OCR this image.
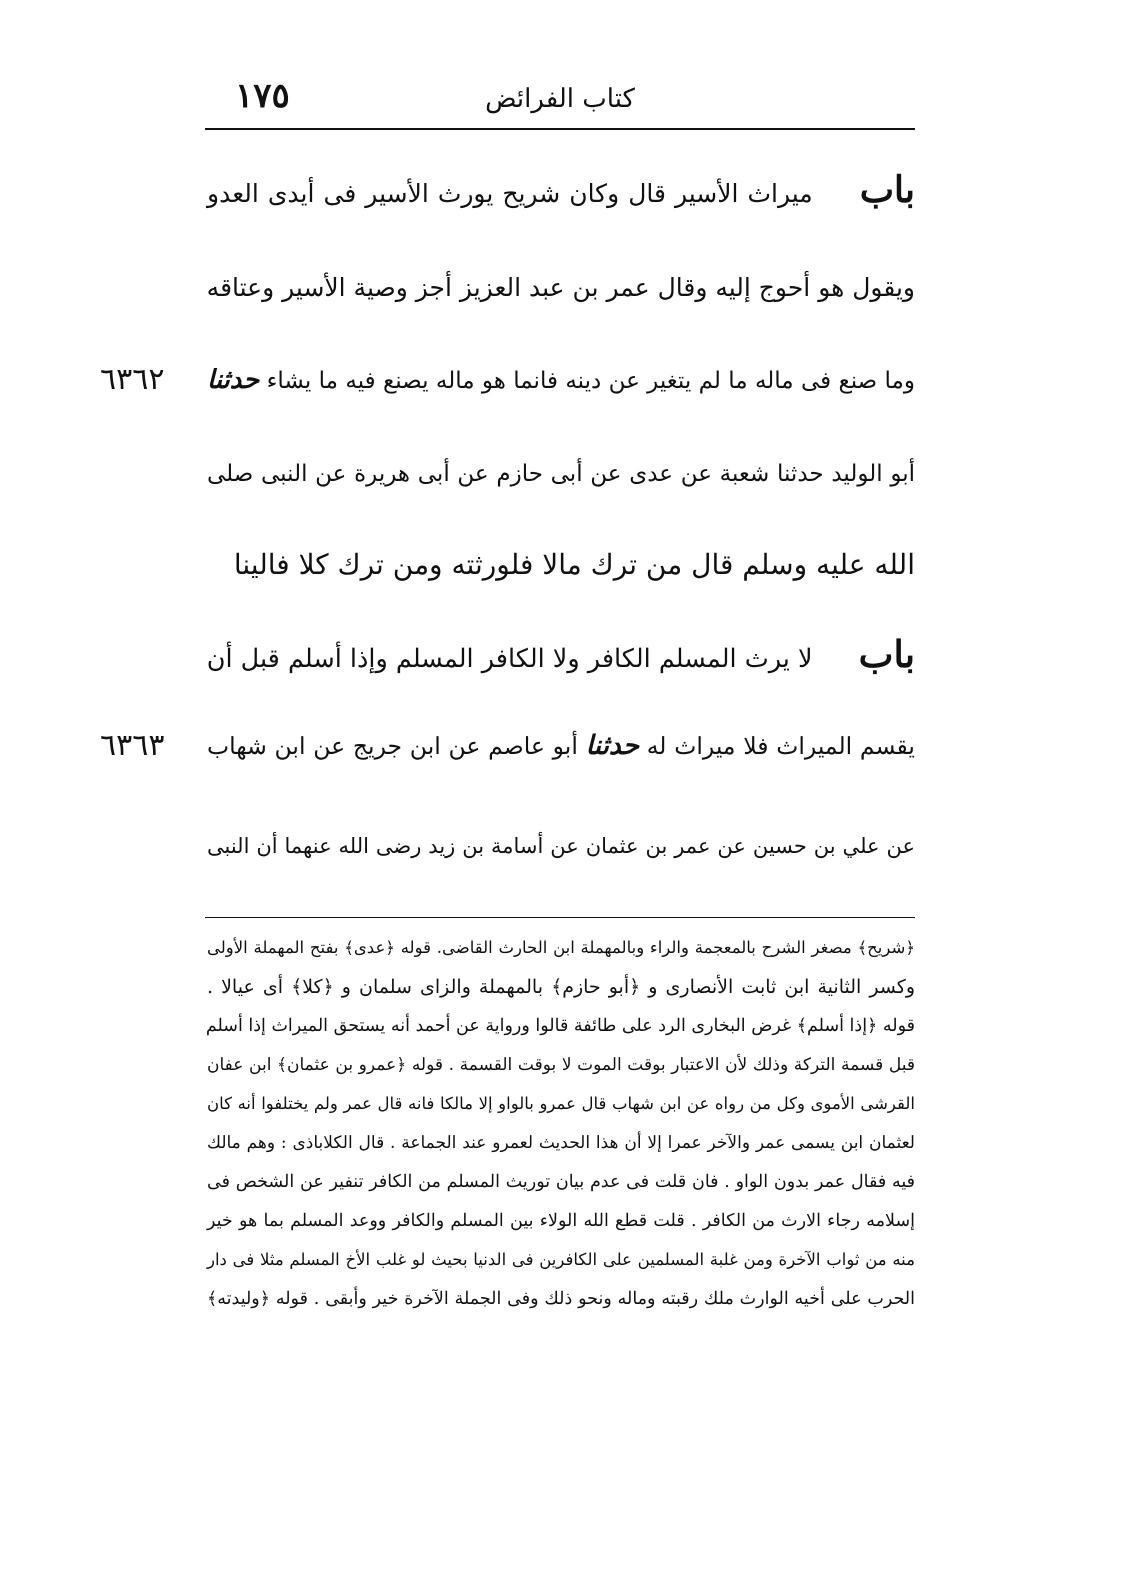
١٧٥	كتاب الفرائض
باب ميراث الأسير قال وكان شريح يورث الأسير فى أيدى العدو
ويقول هو أحوج إليه وقال عمر بن عبد العزيز أجز وصية الأسير وعتاقه
وما صنع فى ماله ما لم يتغير عن دينه فانما هو ماله يصنع فيه ما يشاء حدثنا
٦٣٦٢
أبو الوليد حدثنا شعبة عن عدى عن أبى حازم عن أبى هريرة عن النبى صلى
الله عليه وسلم قال من ترك مالا فلورثته ومن ترك كلا فالينا
باب لا يرث المسلم الكافر ولا الكافر المسلم وإذا أسلم قبل أن
يقسم الميراث فلا ميراث له حدثنا أبو عاصم عن ابن جريج عن ابن شهاب
٦٣٦٣
عن علي بن حسين عن عمر بن عثمان عن أسامة بن زيد رضى الله عنهما أن النبى
﴿شريح﴾ مصغر الشرح بالمعجمة والراء وبالمهملة ابن الحارث القاضى. قوله ﴿عدى﴾ بفتح المهملة الأولى
وكسر الثانية ابن ثابت الأنصارى و ﴿أبو حازم﴾ بالمهملة والزاى سلمان و ﴿كلا﴾ أى عيالا .
قوله ﴿إذا أسلم﴾ غرض البخارى الرد على طائفة قالوا ورواية عن أحمد أنه يستحق الميراث إذا أسلم
قبل قسمة التركة وذلك لأن الاعتبار بوقت الموت لا بوقت القسمة . قوله ﴿عمرو بن عثمان﴾ ابن عفان
القرشى الأموى وكل من رواه عن ابن شهاب قال عمرو بالواو إلا مالكا فانه قال عمر ولم يختلفوا أنه كان
لعثمان ابن يسمى عمر والآخر عمرا إلا أن هذا الحديث لعمرو عند الجماعة . قال الكلاباذى : وهم مالك
فيه فقال عمر بدون الواو . فان قلت فى عدم بيان توريث المسلم من الكافر تنفير عن الشخص فى
إسلامه رجاء الارث من الكافر . قلت قطع الله الولاء بين المسلم والكافر ووعد المسلم بما هو خير
منه من ثواب الآخرة ومن غلبة المسلمين على الكافرين فى الدنيا بحيث لو غلب الأخ المسلم مثلا فى دار
الحرب على أخيه الوارث ملك رقبته وماله ونحو ذلك وفى الجملة الآخرة خير وأبقى . قوله ﴿وليدته﴾
